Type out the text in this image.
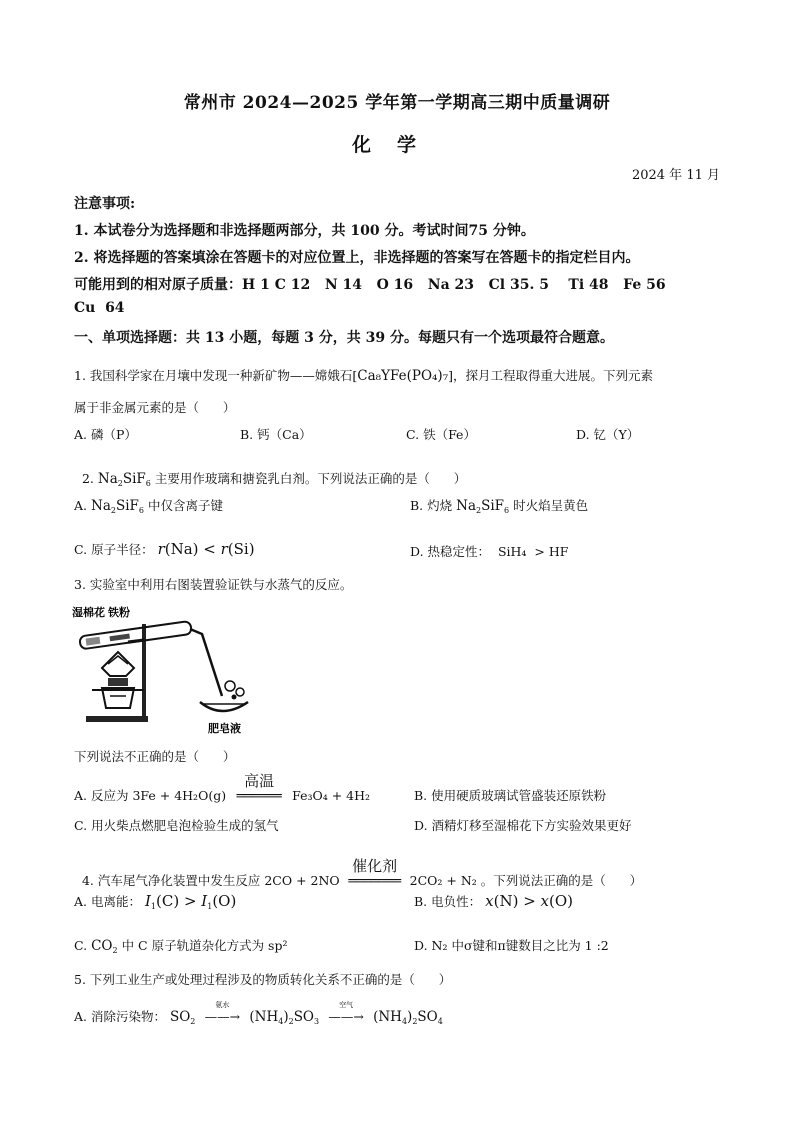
常州市 2024—2025 学年第一学期高三期中质量调研
化学
2024 年 11 月
注意事项:
1. 本试卷分为选择题和非选择题两部分，共 100 分。考试时间75 分钟。
2. 将选择题的答案填涂在答题卡的对应位置上，非选择题的答案写在答题卡的指定栏目内。
可能用到的相对原子质量：H 1 C 12   N 14   O 16   Na 23   Cl 35. 5    Ti 48   Fe 56
Cu  64
一、单项选择题：共 13 小题，每题 3 分，共 39 分。每题只有一个选项最符合题意。
1. 我国科学家在月壤中发现一种新矿物——嫦娥石[Ca₈YFe(PO₄)₇]，探月工程取得重大进展。下列元素
属于非金属元素的是（      ）
A. 磷（P）	B. 钙（Ca）	C. 铁（Fe）	D. 钇（Y）

2. $Na_2SiF_6$ 主要用作玻璃和搪瓷乳白剂。下列说法正确的是（      ）

A. $Na_2SiF_6$ 中仅含离子键	B. 灼烧 $Na_2SiF_6$ 时火焰呈黄色
C. 原子半径： r(Na) < r(Si)	D. 热稳定性：  SiH₄  > HF
3. 实验室中利用右图装置验证铁与水蒸气的反应。
湿棉花 铁粉
肥皂液
下列说法不正确的是（      ）
A. 反应为 3Fe + 4H₂O(g)
高温
══════ Fe₃O₄ + 4H₂	B. 使用硬质玻璃试管盛装还原铁粉
C. 用火柴点燃肥皂泡检验生成的氢气	D. 酒精灯移至湿棉花下方实验效果更好

4. 汽车尾气净化装置中发生反应 2CO + 2NO
催化剂
═══════ 2CO₂ + N₂ 。下列说法正确的是（      ）

A. 电离能： $I_1(C) > I_1(O)$	B. 电负性： x(N) > x(O)
C. $CO_2$ 中 C 原子轨道杂化方式为 sp²	D. N₂ 中σ键和π键数目之比为 1 :2
5. 下列工业生产或处理过程涉及的物质转化关系不正确的是（      ）
A. 消除污染物： $SO_2$
氨水
——→ $(NH_4)_2SO_3$
空气
——→ $(NH_4)_2SO_4$
